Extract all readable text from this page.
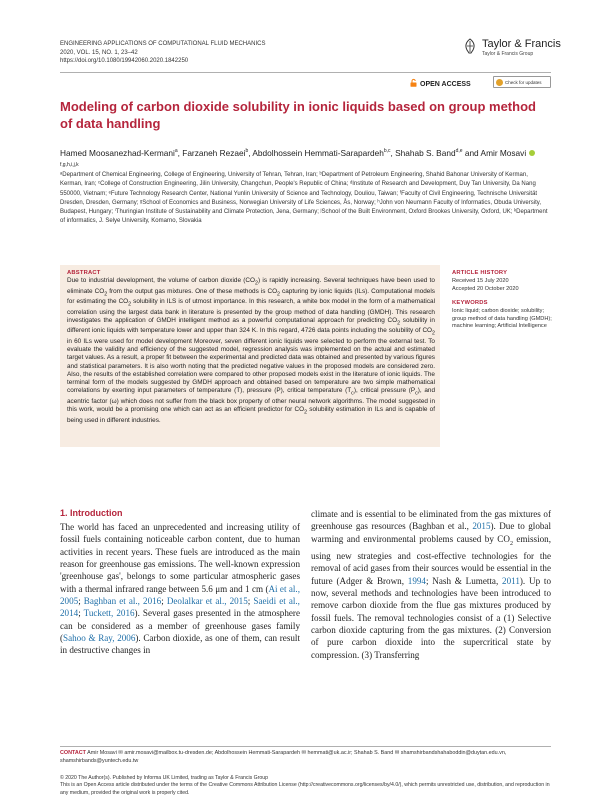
ENGINEERING APPLICATIONS OF COMPUTATIONAL FLUID MECHANICS
2020, VOL. 15, NO. 1, 23–42
https://doi.org/10.1080/19942060.2020.1842250
Taylor & Francis
Taylor & Francis Group
OPEN ACCESS	Check for updates
Modeling of carbon dioxide solubility in ionic liquids based on group method of data handling
Hamed Moosanezhad-Kermani$^a$, Farzaneh Rezaei$^b$, Abdolhossein Hemmati-Sarapardeh$^{b,c}$, Shahab S. Band$^{d,e}$ and Amir Mosavi $^{f,g,h,i,j,k}$
ᵃDepartment of Chemical Engineering, College of Engineering, University of Tehran, Tehran, Iran; ᵇDepartment of Petroleum Engineering, Shahid Bahonar University of Kerman, Kerman, Iran; ᶜCollege of Construction Engineering, Jilin University, Changchun, People's Republic of China; ᵈInstitute of Research and Development, Duy Tan University, Da Nang 550000, Vietnam; ᵉFuture Technology Research Center, National Yunlin University of Science and Technology, Douliou, Taiwan; ᶠFaculty of Civil Engineering, Technische Universität Dresden, Dresden, Germany; ᵍSchool of Economics and Business, Norwegian University of Life Sciences, Ås, Norway; ʰJohn von Neumann Faculty of Informatics, Obuda University, Budapest, Hungary; ⁱThuringian Institute of Sustainability and Climate Protection, Jena, Germany; ʲSchool of the Built Environment, Oxford Brookes University, Oxford, UK; ᵏDepartment of informatics, J. Selye University, Komarno, Slovakia
ABSTRACT
Due to industrial development, the volume of carbon dioxide $(CO_2)$ is rapidly increasing. Several techniques have been used to eliminate $CO_2$ from the output gas mixtures. One of these methods is $CO_2$ capturing by ionic liquids (ILs). Computational models for estimating the $CO_2$ solubility in ILS is of utmost importance. In this research, a white box model in the form of a mathematical correlation using the largest data bank in literature is presented by the group method of data handling (GMDH). This research investigates the application of GMDH intelligent method as a powerful computational approach for predicting $CO_2$ solubility in different ionic liquids with temperature lower and upper than 324 K. In this regard, 4726 data points including the solubility of $CO_2$ in 60 ILs were used for model development Moreover, seven different ionic liquids were selected to perform the external test. To evaluate the validity and efficiency of the suggested model, regression analysis was implemented on the actual and estimated target values. As a result, a proper fit between the experimental and predicted data was obtained and presented by various figures and statistical parameters. It is also worth noting that the predicted negative values in the proposed models are considered zero. Also, the results of the established correlation were compared to other proposed models exist in the literature of ionic liquids. The terminal form of the models suggested by GMDH approach and obtained based on temperature are two simple mathematical correlations by exerting input parameters of temperature (T), pressure (P), critical temperature $(T_c)$, critical pressure $(P_c)$, and acentric factor (ω) which does not suffer from the black box property of other neural network algorithms. The model suggested in this work, would be a promising one which can act as an efficient predictor for $CO_2$ solubility estimation in ILs and is capable of being used in different industries.
ARTICLE HISTORY
Received 15 July 2020
Accepted 20 October 2020
KEYWORDS
Ionic liquid; carbon dioxide; solubility; group method of data handling (GMDH); machine learning; Artificial Intelligence
1. Introduction
The world has faced an unprecedented and increasing utility of fossil fuels containing noticeable carbon content, due to human activities in recent years. These fuels are introduced as the main reason for greenhouse gas emissions. The well-known expression 'greenhouse gas', belongs to some particular atmospheric gases with a thermal infrared range between 5.6 μm and 1 cm (Ai et al., 2005; Baghban et al., 2016; Deolalkar et al., 2015; Saeidi et al., 2014; Tuckett, 2016). Several gases presented in the atmosphere can be considered as a member of greenhouse gases family (Sahoo & Ray, 2006). Carbon dioxide, as one of them, can result in destructive changes in
climate and is essential to be eliminated from the gas mixtures of greenhouse gas resources (Baghban et al., 2015). Due to global warming and environmental problems caused by $CO_2$ emission, using new strategies and cost-effective technologies for the removal of acid gases from their sources would be essential in the future (Adger & Brown, 1994; Nash & Lumetta, 2011). Up to now, several methods and technologies have been introduced to remove carbon dioxide from the flue gas mixtures produced by fossil fuels. The removal technologies consist of a (1) Selective carbon dioxide capturing from the gas mixtures. (2) Conversion of pure carbon dioxide into the supercritical state by compression. (3) Transferring
CONTACT Amir Mosavi ✉ amir.mosavi@mailbox.tu-dresden.de; Abdolhossein Hemmati-Sarapardeh ✉ hemmati@uk.ac.ir; Shahab S. Band ✉ shamshirbandshahaboddin@duytan.edu.vn, shamshirbands@yuntech.edu.tw
© 2020 The Author(s). Published by Informa UK Limited, trading as Taylor & Francis Group
This is an Open Access article distributed under the terms of the Creative Commons Attribution License (http://creativecommons.org/licenses/by/4.0/), which permits unrestricted use, distribution, and reproduction in any medium, provided the original work is properly cited.
